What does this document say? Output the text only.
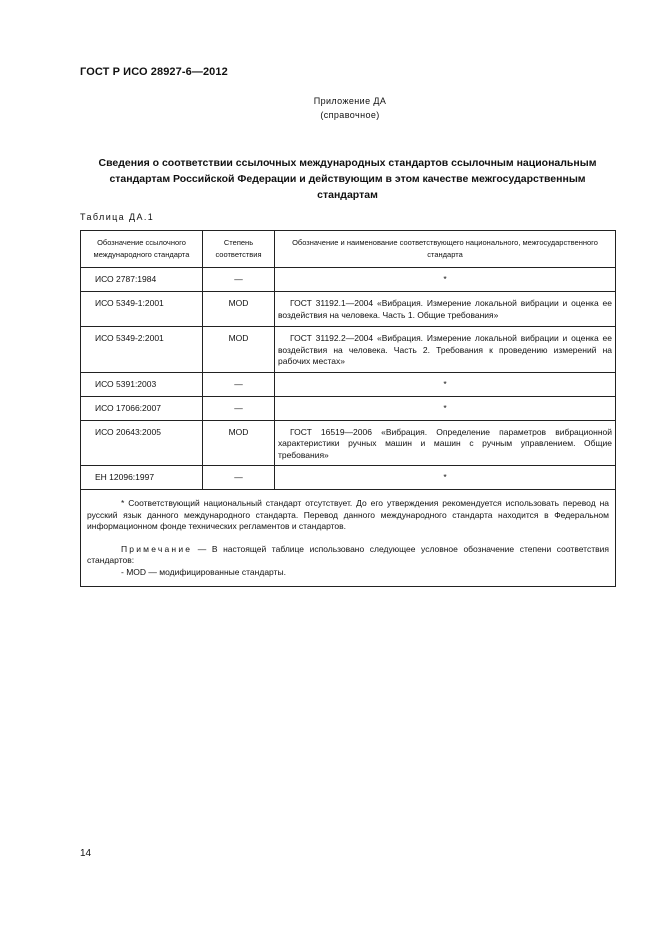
ГОСТ Р ИСО 28927-6—2012
Приложение ДА
(справочное)
Сведения о соответствии ссылочных международных стандартов ссылочным национальным стандартам Российской Федерации и действующим в этом качестве межгосударственным стандартам
Таблица ДА.1
Обозначение ссылочного международного стандарта	Степень соответствия	Обозначение и наименование соответствующего национального, межгосударственного стандарта
ИСО 2787:1984	—	*
ИСО 5349-1:2001	MOD	ГОСТ 31192.1—2004 «Вибрация. Измерение локальной вибрации и оценка ее воздействия на человека. Часть 1. Общие требования»
ИСО 5349-2:2001	MOD	ГОСТ 31192.2—2004 «Вибрация. Измерение локальной вибрации и оценка ее воздействия на человека. Часть 2. Требования к проведению измерений на рабочих местах»
ИСО 5391:2003	—	*
ИСО 17066:2007	—	*
ИСО 20643:2005	MOD	ГОСТ 16519—2006 «Вибрация. Определение параметров вибрационной характеристики ручных машин и машин с ручным управлением. Общие требования»
ЕН 12096:1997	—	*

* Соответствующий национальный стандарт отсутствует. До его утверждения рекомендуется использовать перевод на русский язык данного международного стандарта. Перевод данного международного стандарта находится в Федеральном информационном фонде технических регламентов и стандартов.

Примечание — В настоящей таблице использовано следующее условное обозначение степени соответствия стандартов:

- MOD — модифицированные стандарты.		

14
